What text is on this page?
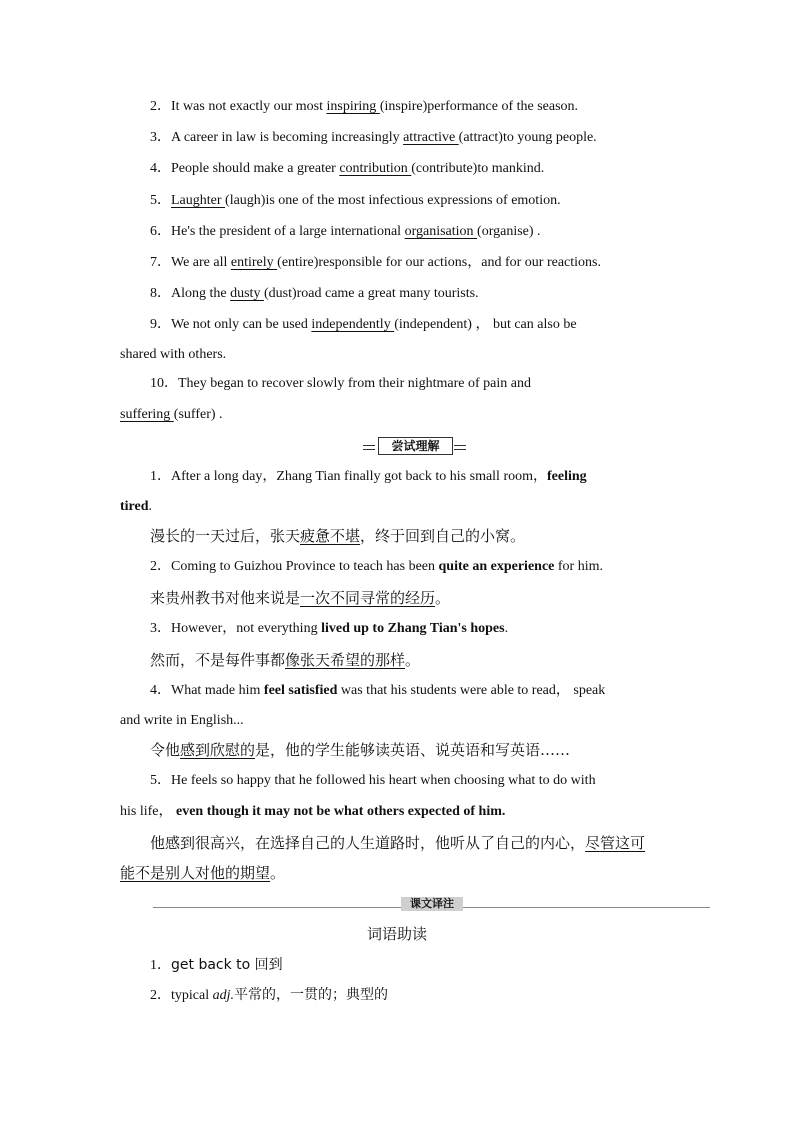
2．It was not exactly our most inspiring (inspire)performance of the season.
3．A career in law is becoming increasingly attractive (attract)to young people.
4．People should make a greater contribution (contribute)to mankind.
5．Laughter (laugh)is one of the most infectious expressions of emotion.
6．He's the president of a large international organisation (organise) .
7．We are all entirely (entire)responsible for our actions，and for our reactions.
8．Along the dusty (dust)road came a great many tourists.
9．We not only can be used independently (independent) ， but can also be
shared with others.
10．They began to recover slowly from their nightmare of pain and
suffering (suffer) .
尝试理解
1．After a long day，Zhang Tian finally got back to his small room，feeling
tired.
漫长的一天过后，张天疲惫不堪，终于回到自己的小窝。
2．Coming to Guizhou Province to teach has been quite an experience for him.
来贵州教书对他来说是一次不同寻常的经历。
3．However，not everything lived up to Zhang Tian's hopes.
然而，不是每件事都像张天希望的那样。
4．What made him feel satisfied was that his students were able to read， speak
and write in English...
令他感到欣慰的是，他的学生能够读英语、说英语和写英语……
5．He feels so happy that he followed his heart when choosing what to do with
his life， even though it may not be what others expected of him.
他感到很高兴，在选择自己的人生道路时，他听从了自己的内心，尽管这可
能不是别人对他的期望。
课文译注
词语助读
1．get back to 回到
2．typical adj.平常的，一贯的；典型的
